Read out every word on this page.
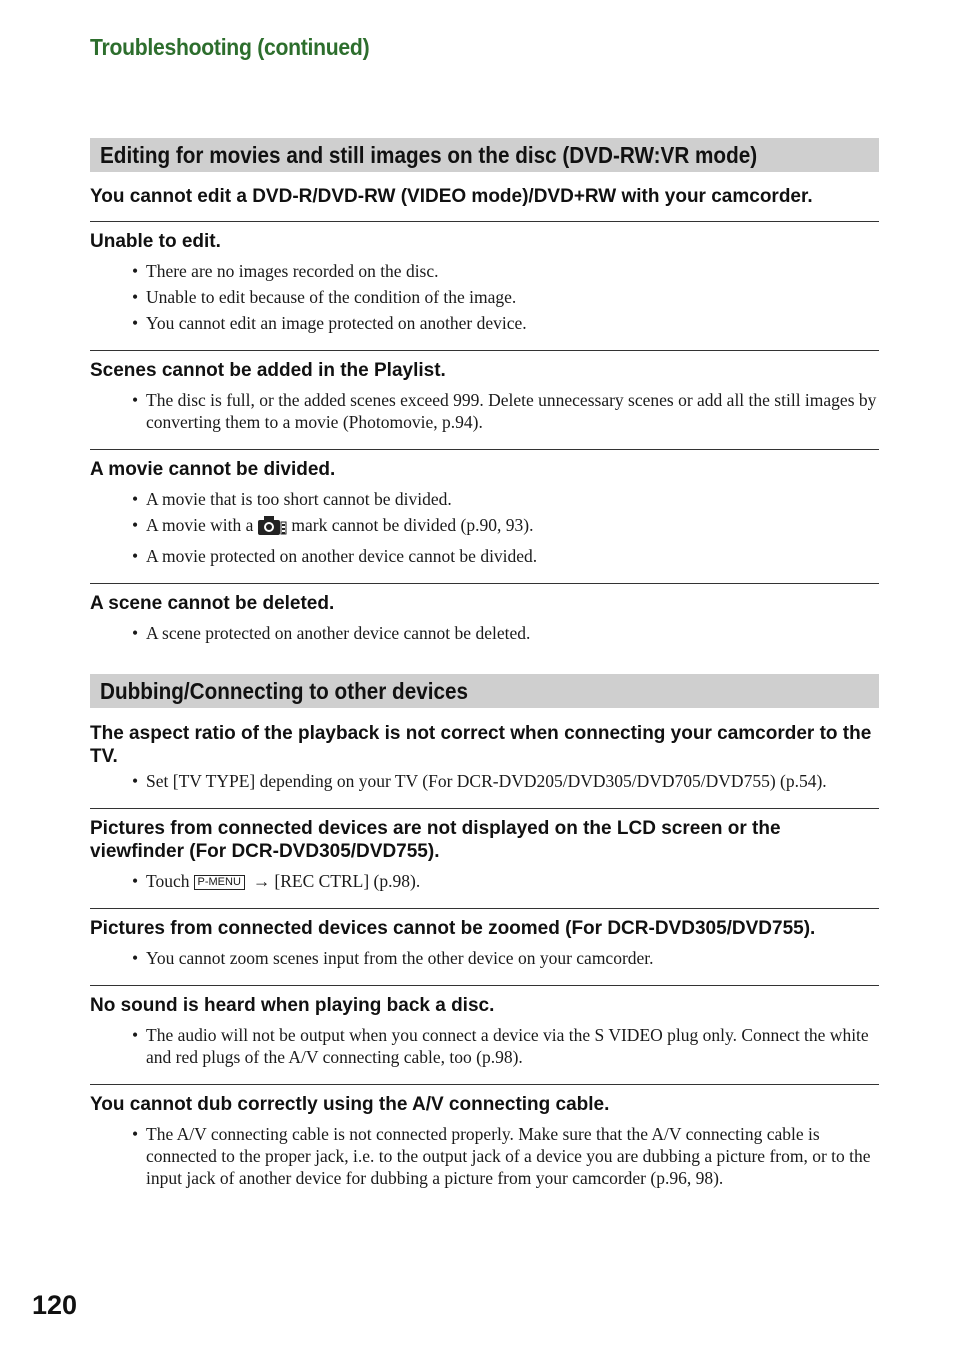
Troubleshooting (continued)
Editing for movies and still images on the disc (DVD-RW:VR mode)
You cannot edit a DVD-R/DVD-RW (VIDEO mode)/DVD+RW with your camcorder.
Unable to edit.
• There are no images recorded on the disc.
• Unable to edit because of the condition of the image.
• You cannot edit an image protected on another device.
Scenes cannot be added in the Playlist.
• The disc is full, or the added scenes exceed 999. Delete unnecessary scenes or add all the still images by converting them to a movie (Photomovie, p.94).
A movie cannot be divided.
• A movie that is too short cannot be divided.
• A movie with a mark cannot be divided (p.90, 93).
• A movie protected on another device cannot be divided.
A scene cannot be deleted.
• A scene protected on another device cannot be deleted.
Dubbing/Connecting to other devices
The aspect ratio of the playback is not correct when connecting your camcorder to the TV.
• Set [TV TYPE] depending on your TV (For DCR-DVD205/DVD305/DVD705/DVD755) (p.54).
Pictures from connected devices are not displayed on the LCD screen or the viewfinder (For DCR-DVD305/DVD755).
• Touch P-MENU → [REC CTRL] (p.98).
Pictures from connected devices cannot be zoomed (For DCR-DVD305/DVD755).
• You cannot zoom scenes input from the other device on your camcorder.
No sound is heard when playing back a disc.
• The audio will not be output when you connect a device via the S VIDEO plug only. Connect the white and red plugs of the A/V connecting cable, too (p.98).
You cannot dub correctly using the A/V connecting cable.
• The A/V connecting cable is not connected properly. Make sure that the A/V connecting cable is connected to the proper jack, i.e. to the output jack of a device you are dubbing a picture from, or to the input jack of another device for dubbing a picture from your camcorder (p.96, 98).
120
